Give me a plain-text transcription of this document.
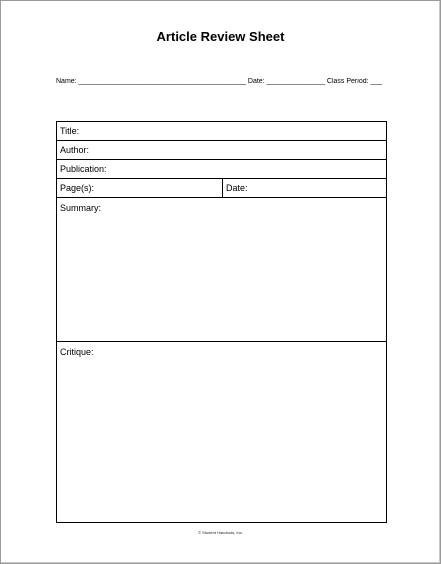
Article Review Sheet
Name: ___________________________________________ Date: _______________ Class Period: ___
Title:
Author:
Publication:
Page(s):	Date:
Summary:
Critique:
© Student Handouts, Inc.
